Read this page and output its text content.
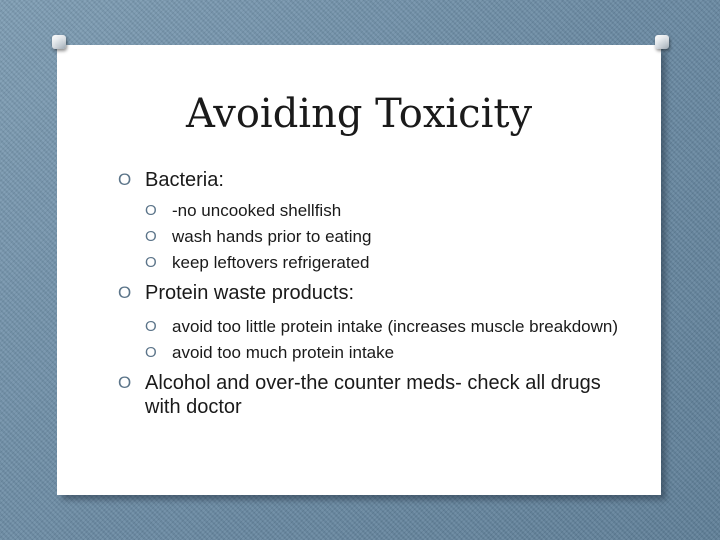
Avoiding Toxicity
O Bacteria:
O -no uncooked shellfish
O wash hands prior to eating
O keep leftovers refrigerated
O Protein waste products:
O avoid too little protein intake (increases muscle breakdown)
O avoid too much protein intake
O Alcohol and over-the counter meds- check all drugs with doctor
